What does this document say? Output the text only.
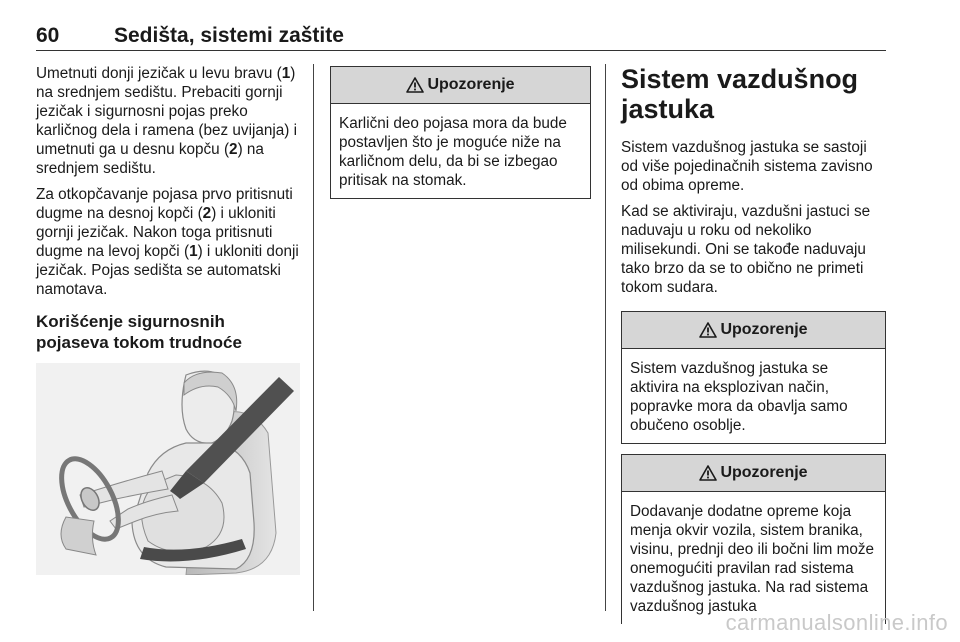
60	Sedišta, sistemi zaštite

Umetnuti donji jezičak u levu bravu (1) na srednjem sedištu. Prebaciti gornji jezičak i sigurnosni pojas preko karličnog dela i ramena (bez uvijanja) i umetnuti ga u desnu kopču (2) na srednjem sedištu.

Za otkopčavanje pojasa prvo pritisnuti dugme na desnoj kopči (2) i ukloniti gornji jezičak. Nakon toga pritisnuti dugme na levoj kopči (1) i ukloniti donji jezičak. Pojas sedišta se automatski namotava.

Korišćenje sigurnosnih pojaseva tokom trudnoće
Upozorenje
Karlični deo pojasa mora da bude postavljen što je moguće niže na karličnom delu, da bi se izbegao pritisak na stomak.
Sistem vazdušnog jastuka

Sistem vazdušnog jastuka se sastoji od više pojedinačnih sistema zavisno od obima opreme.

Kad se aktiviraju, vazdušni jastuci se naduvaju u roku od nekoliko milisekundi. Oni se takođe naduvaju tako brzo da se to obično ne primeti tokom sudara.

Upozorenje
Sistem vazdušnog jastuka se aktivira na eksplozivan način, popravke mora da obavlja samo obučeno osoblje.
Upozorenje
Dodavanje dodatne opreme koja menja okvir vozila, sistem branika, visinu, prednji deo ili bočni lim može onemogućiti pravilan rad sistema vazdušnog jastuka. Na rad sistema vazdušnog jastuka
carmanualsonline.info
